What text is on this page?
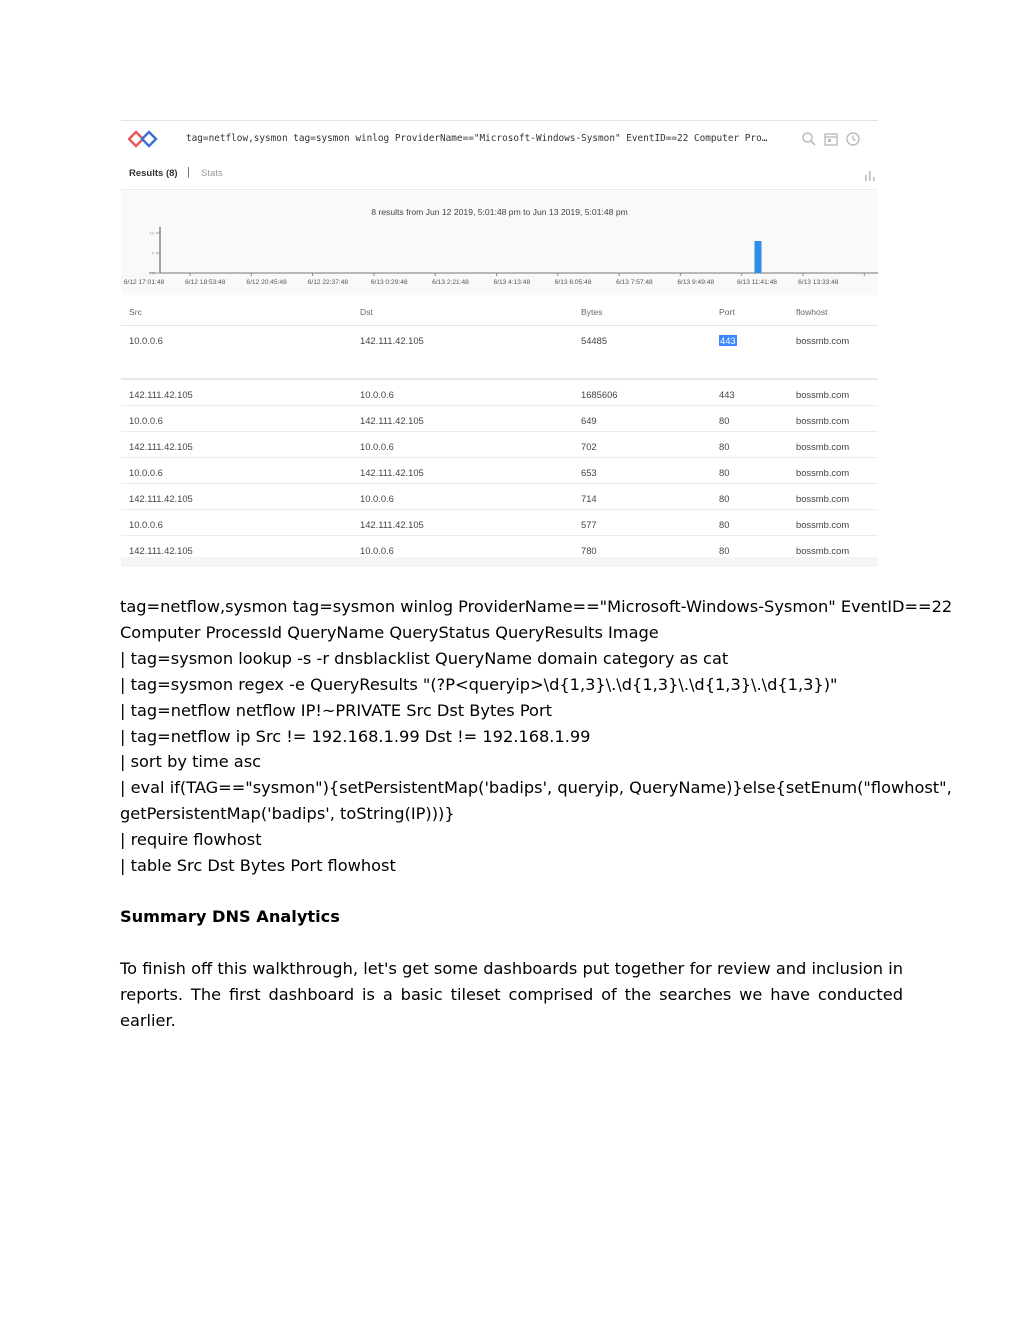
tag=netflow,sysmon tag=sysmon winlog ProviderName=="Microsoft-Windows-Sysmon" EventID==22 Computer Pro…
Results (8) | Stats
8 results from Jun 12 2019, 5:01:48 pm to Jun 13 2019, 5:01:48 pm
10
5
0
6/12 17:01:48	6/12 18:53:48	6/12 20:45:48	6/12 22:37:48	6/13 0:29:48	6/13 2:21:48	6/13 4:13:48	6/13 6:05:48	6/13 7:57:48	6/13 9:49:48	6/13 11:41:48	6/13 13:33:48
Src	Dst	Bytes	Port	flowhost
10.0.0.6	142.111.42.105	54485	443	bossmb.com
142.111.42.105	10.0.0.6	1685606	443	bossmb.com
10.0.0.6	142.111.42.105	649	80	bossmb.com
142.111.42.105	10.0.0.6	702	80	bossmb.com
10.0.0.6	142.111.42.105	653	80	bossmb.com
142.111.42.105	10.0.0.6	714	80	bossmb.com
10.0.0.6	142.111.42.105	577	80	bossmb.com
142.111.42.105	10.0.0.6	780	80	bossmb.com
tag=netflow,sysmon tag=sysmon winlog ProviderName=="Microsoft-Windows-Sysmon" EventID==22
Computer ProcessId QueryName QueryStatus QueryResults Image
| tag=sysmon lookup -s -r dnsblacklist QueryName domain category as cat
| tag=sysmon regex -e QueryResults "(?P<queryip>\d{1,3}\.\d{1,3}\.\d{1,3}\.\d{1,3})"
| tag=netflow netflow IP!~PRIVATE Src Dst Bytes Port
| tag=netflow ip Src != 192.168.1.99 Dst != 192.168.1.99
| sort by time asc
| eval if(TAG=="sysmon"){setPersistentMap('badips', queryip, QueryName)}else{setEnum("flowhost",
getPersistentMap('badips', toString(IP)))}
| require flowhost
| table Src Dst Bytes Port flowhost
Summary DNS Analytics
To finish off this walkthrough, let's get some dashboards put together for review and inclusion in reports. The first dashboard is a basic tileset comprised of the searches we have conducted earlier.
